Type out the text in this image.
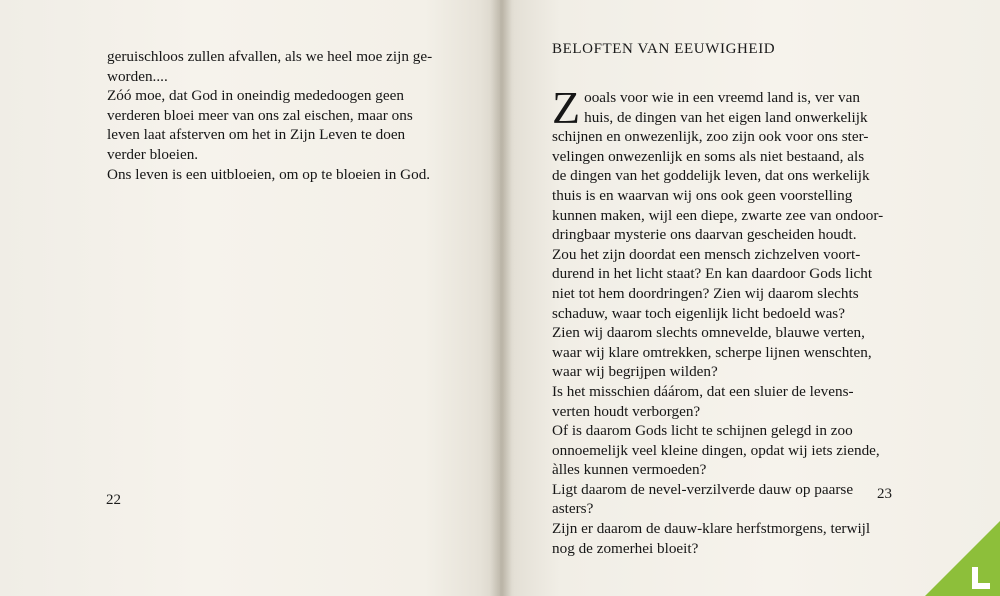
geruischloos zullen afvallen, als we heel moe zijn ge-
worden....
Zóó moe, dat God in oneindig mededoogen geen
verderen bloei meer van ons zal eischen, maar ons
leven laat afsterven om het in Zijn Leven te doen
verder bloeien.
Ons leven is een uitbloeien, om op te bloeien in God.
22
BELOFTEN VAN EEUWIGHEID
Z ooals voor wie in een vreemd land is, ver van
huis, de dingen van het eigen land onwerkelijk
schijnen en onwezenlijk, zoo zijn ook voor ons ster-
velingen onwezenlijk en soms als niet bestaand, als
de dingen van het goddelijk leven, dat ons werkelijk
thuis is en waarvan wij ons ook geen voorstelling
kunnen maken, wijl een diepe, zwarte zee van ondoor-
dringbaar mysterie ons daarvan gescheiden houdt.
Zou het zijn doordat een mensch zichzelven voort-
durend in het licht staat? En kan daardoor Gods licht
niet tot hem doordringen? Zien wij daarom slechts
schaduw, waar toch eigenlijk licht bedoeld was?
Zien wij daarom slechts omnevelde, blauwe verten,
waar wij klare omtrekken, scherpe lijnen wenschten,
waar wij begrijpen wilden?
Is het misschien dáárom, dat een sluier de levens-
verten houdt verborgen?
Of is daarom Gods licht te schijnen gelegd in zoo
onnoemelijk veel kleine dingen, opdat wij iets ziende,
àlles kunnen vermoeden?
Ligt daarom de nevel-verzilverde dauw op paarse
asters?
Zijn er daarom de dauw-klare herfstmorgens, terwijl
nog de zomerhei bloeit?
23
